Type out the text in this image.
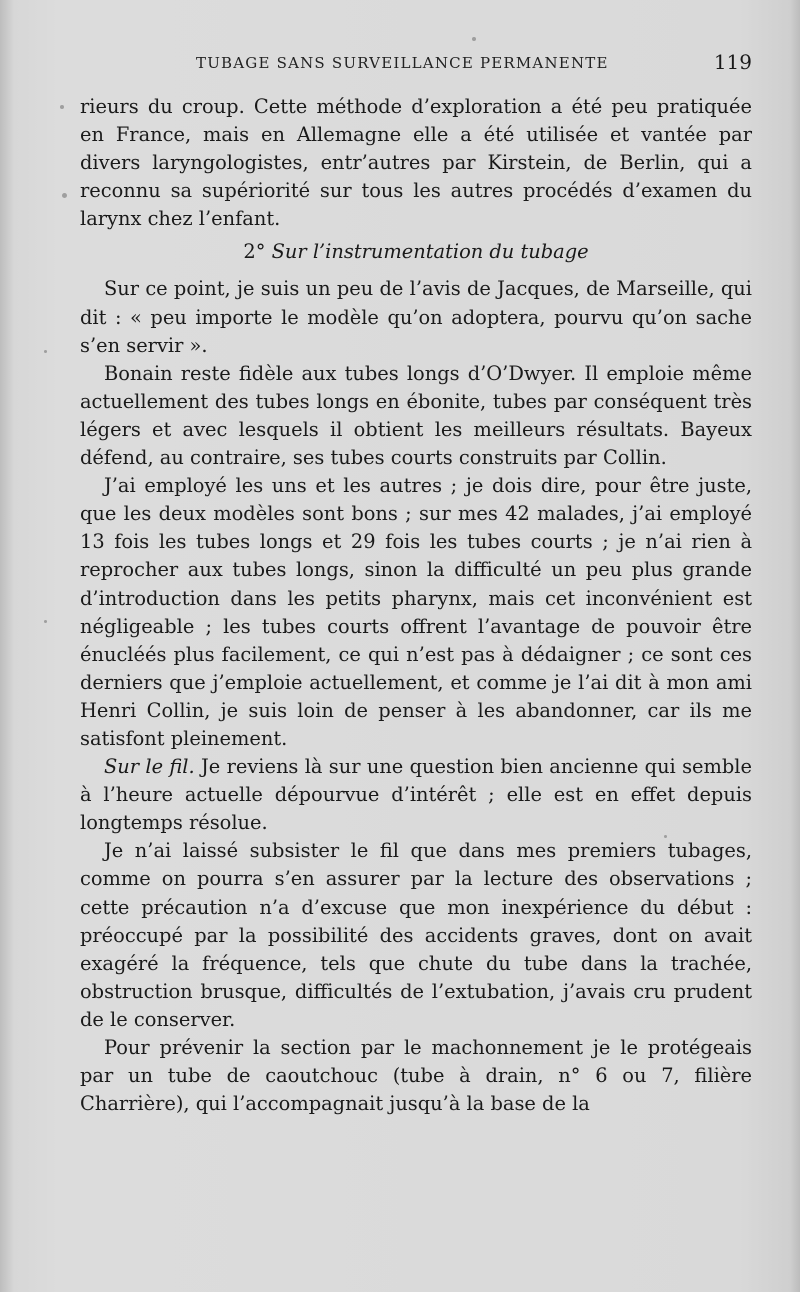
TUBAGE SANS SURVEILLANCE PERMANENTE	119

rieurs du croup. Cette méthode d’exploration a été peu pratiquée en France, mais en Allemagne elle a été utilisée et vantée par divers laryngologistes, entr’autres par Kirstein, de Berlin, qui a reconnu sa supériorité sur tous les autres procédés d’examen du larynx chez l’enfant.

2° Sur l’instrumentation du tubage

Sur ce point, je suis un peu de l’avis de Jacques, de Marseille, qui dit : « peu importe le modèle qu’on adoptera, pourvu qu’on sache s’en servir ».

Bonain reste fidèle aux tubes longs d’O’Dwyer. Il emploie même actuellement des tubes longs en ébonite, tubes par conséquent très légers et avec lesquels il obtient les meilleurs résultats. Bayeux défend, au contraire, ses tubes courts construits par Collin.

J’ai employé les uns et les autres ; je dois dire, pour être juste, que les deux modèles sont bons ; sur mes 42 malades, j’ai employé 13 fois les tubes longs et 29 fois les tubes courts ; je n’ai rien à reprocher aux tubes longs, sinon la difficulté un peu plus grande d’introduction dans les petits pharynx, mais cet inconvénient est négligeable ; les tubes courts offrent l’avantage de pouvoir être énucléés plus facilement, ce qui n’est pas à dédaigner ; ce sont ces derniers que j’emploie actuellement, et comme je l’ai dit à mon ami Henri Collin, je suis loin de penser à les abandonner, car ils me satisfont pleinement.

Sur le fil. Je reviens là sur une question bien ancienne qui semble à l’heure actuelle dépourvue d’intérêt ; elle est en effet depuis longtemps résolue.

Je n’ai laissé subsister le fil que dans mes premiers tubages, comme on pourra s’en assurer par la lecture des observations ; cette précaution n’a d’excuse que mon inexpérience du début : préoccupé par la possibilité des accidents graves, dont on avait exagéré la fréquence, tels que chute du tube dans la trachée, obstruction brusque, difficultés de l’extubation, j’avais cru prudent de le conserver.

Pour prévenir la section par le machonnement je le protégeais par un tube de caoutchouc (tube à drain, n° 6 ou 7, filière Charrière), qui l’accompagnait jusqu’à la base de la
